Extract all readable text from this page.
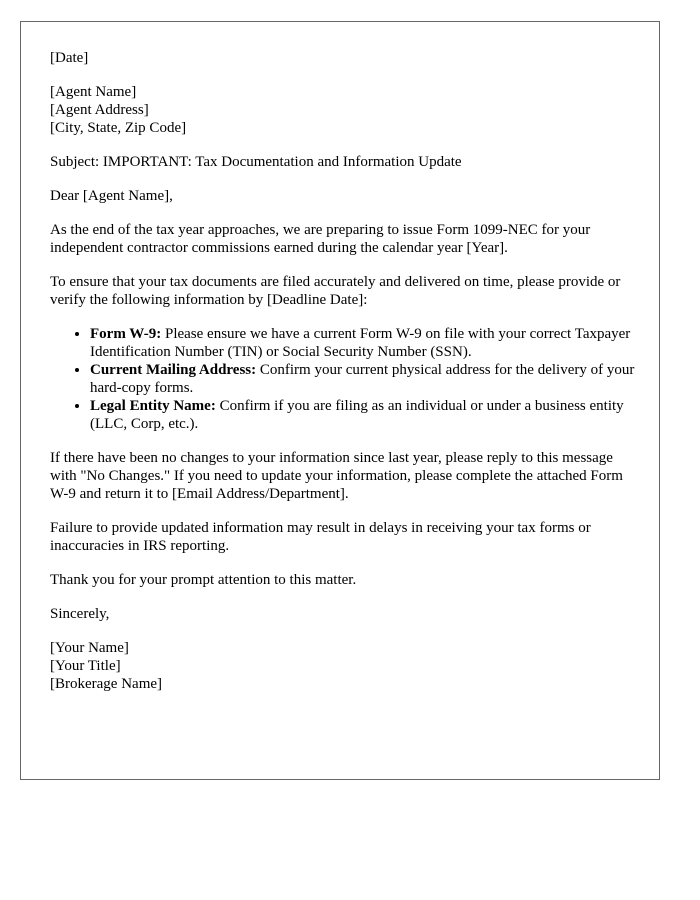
[Date]

[Agent Name]
[Agent Address]
[City, State, Zip Code]

Subject: IMPORTANT: Tax Documentation and Information Update

Dear [Agent Name],

As the end of the tax year approaches, we are preparing to issue Form 1099-NEC for your independent contractor commissions earned during the calendar year [Year].

To ensure that your tax documents are filed accurately and delivered on time, please provide or verify the following information by [Deadline Date]:

• Form W-9: Please ensure we have a current Form W-9 on file with your correct Taxpayer Identification Number (TIN) or Social Security Number (SSN).
• Current Mailing Address: Confirm your current physical address for the delivery of your hard-copy forms.
• Legal Entity Name: Confirm if you are filing as an individual or under a business entity (LLC, Corp, etc.).

If there have been no changes to your information since last year, please reply to this message with "No Changes." If you need to update your information, please complete the attached Form W-9 and return it to [Email Address/Department].

Failure to provide updated information may result in delays in receiving your tax forms or inaccuracies in IRS reporting.

Thank you for your prompt attention to this matter.

Sincerely,

[Your Name]
[Your Title]
[Brokerage Name]
